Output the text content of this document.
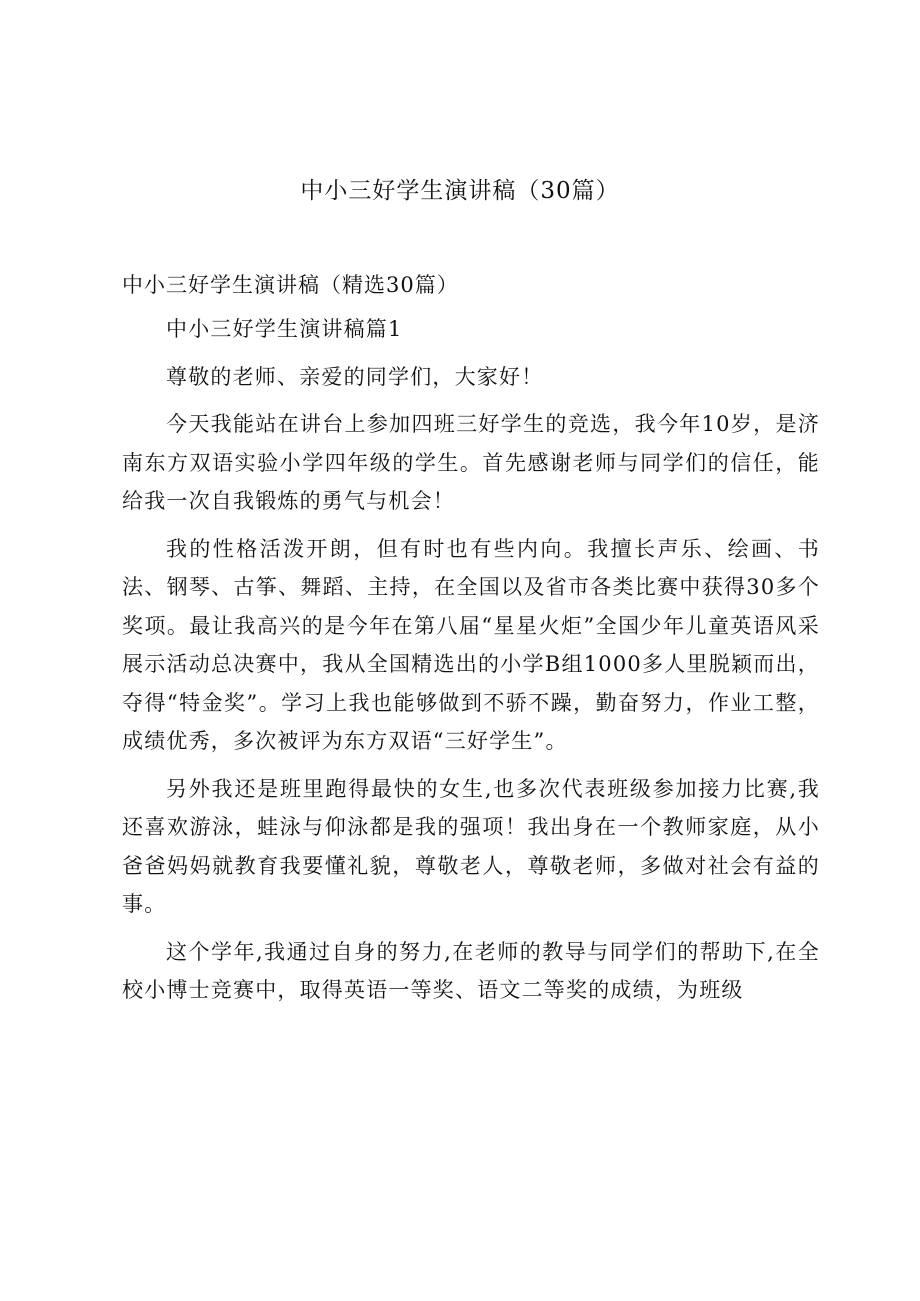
中小三好学生演讲稿（30篇）

中小三好学生演讲稿（精选30篇）

中小三好学生演讲稿篇1

尊敬的老师、亲爱的同学们，大家好！

今天我能站在讲台上参加四班三好学生的竞选，我今年10岁，是济南东方双语实验小学四年级的学生。首先感谢老师与同学们的信任，能给我一次自我锻炼的勇气与机会！

我的性格活泼开朗，但有时也有些内向。我擅长声乐、绘画、书法、钢琴、古筝、舞蹈、主持，在全国以及省市各类比赛中获得30多个奖项。最让我高兴的是今年在第八届“星星火炬”全国少年儿童英语风采展示活动总决赛中，我从全国精选出的小学B组1000多人里脱颖而出，夺得“特金奖”。学习上我也能够做到不骄不躁，勤奋努力，作业工整，成绩优秀，多次被评为东方双语“三好学生”。

另外我还是班里跑得最快的女生,也多次代表班级参加接力比赛,我还喜欢游泳，蛙泳与仰泳都是我的强项！我出身在一个教师家庭，从小爸爸妈妈就教育我要懂礼貌，尊敬老人，尊敬老师，多做对社会有益的事。

这个学年,我通过自身的努力,在老师的教导与同学们的帮助下,在全校小博士竞赛中，取得英语一等奖、语文二等奖的成绩，为班级
